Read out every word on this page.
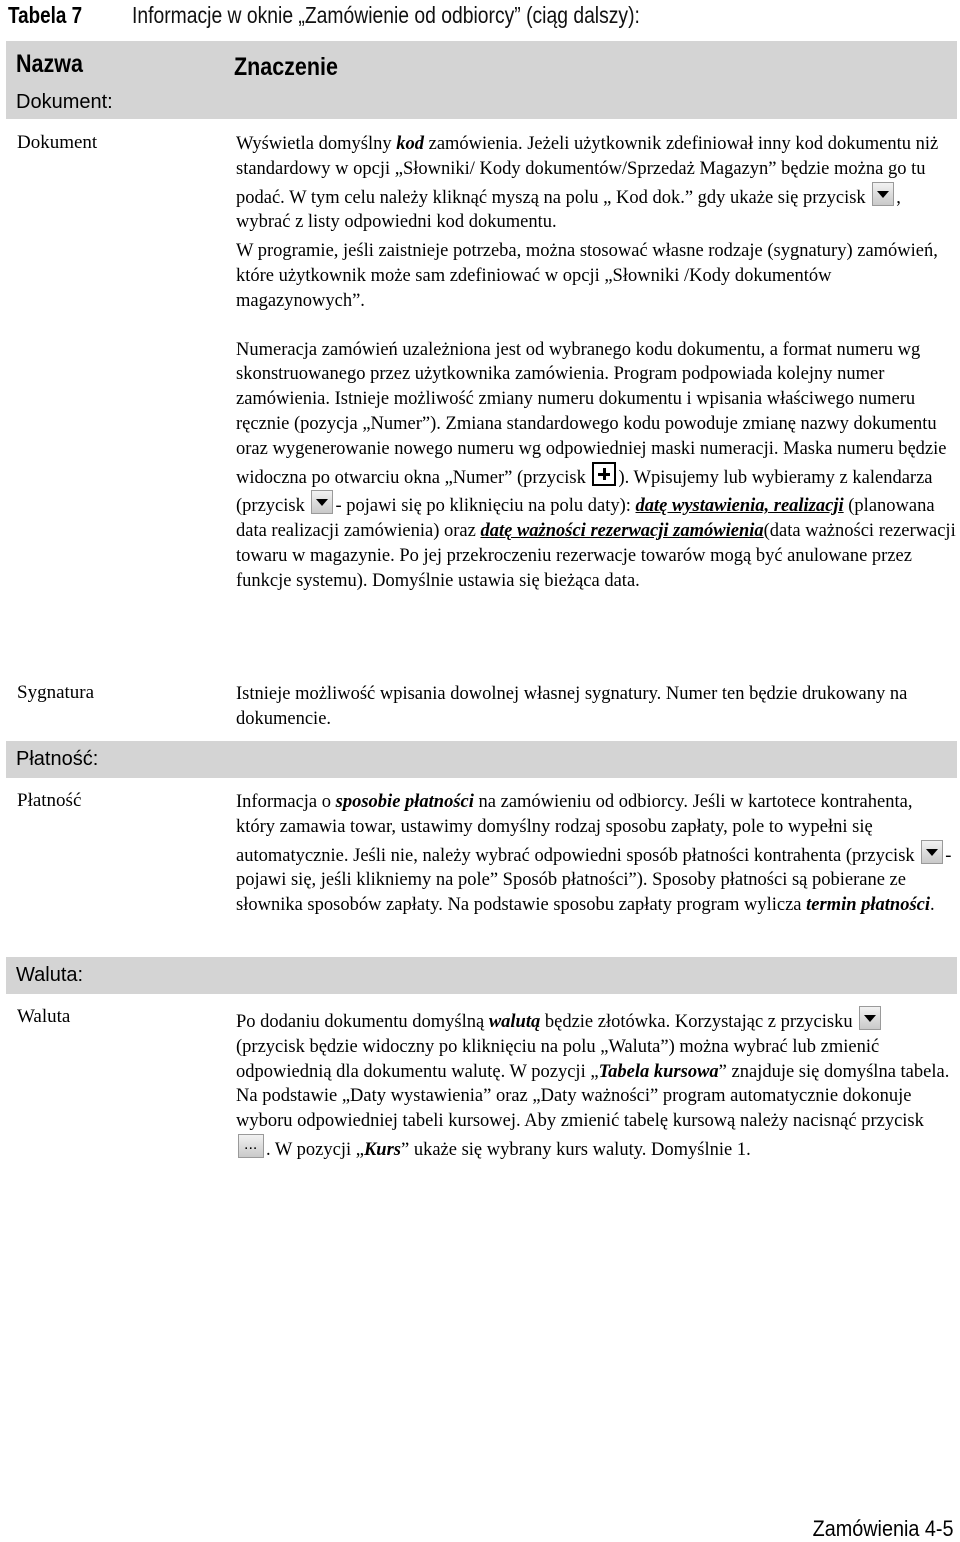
Tabela 7 Informacje w oknie „Zamówienie od odbiorcy” (ciąg dalszy):
Nazwa	Znaczenie
Dokument:
Dokument	Wyświetla domyślny kod zamówienia. Jeżeli użytkownik zdefiniował inny kod dokumentu niż standardowy w opcji „Słowniki/ Kody dokumentów/Sprzedaż Magazyn” będzie można go tu podać. W tym celu należy kliknąć myszą na polu „ Kod dok.” gdy ukaże się przycisk , wybrać z listy odpowiedni kod dokumentu.

W programie, jeśli zaistnieje potrzeba, można stosować własne rodzaje (sygnatury) zamówień, które użytkownik może sam zdefiniować w opcji „Słowniki /Kody dokumentów magazynowych”.

Numeracja zamówień uzależniona jest od wybranego kodu dokumentu, a format numeru wg skonstruowanego przez użytkownika zamówienia. Program podpowiada kolejny numer zamówienia. Istnieje możliwość zmiany numeru dokumentu i wpisania właściwego numeru ręcznie (pozycja „Numer”). Zmiana standardowego kodu powoduje zmianę nazwy dokumentu oraz wygenerowanie nowego numeru wg odpowiedniej maski numeracji. Maska numeru będzie widoczna po otwarciu okna „Numer” (przycisk ). Wpisujemy lub wybieramy z kalendarza (przycisk - pojawi się po kliknięciu na polu daty): datę wystawienia, realizacji (planowana data realizacji zamówienia) oraz datę ważności rezerwacji zamówienia(data ważności rezerwacji towaru w magazynie. Po jej przekroczeniu rezerwacje towarów mogą być anulowane przez funkcje systemu). Domyślnie ustawia się bieżąca data.

Sygnatura	Istnieje możliwość wpisania dowolnej własnej sygnatury. Numer ten będzie drukowany na dokumencie.
Płatność:
Płatność	Informacja o sposobie płatności na zamówieniu od odbiorcy. Jeśli w kartotece kontrahenta, który zamawia towar, ustawimy domyślny rodzaj sposobu zapłaty, pole to wypełni się automatycznie. Jeśli nie, należy wybrać odpowiedni sposób płatności kontrahenta (przycisk - pojawi się, jeśli klikniemy na pole” Sposób płatności”). Sposoby płatności są pobierane ze słownika sposobów zapłaty. Na podstawie sposobu zapłaty program wylicza termin płatności.

Waluta:
Waluta	Po dodaniu dokumentu domyślną walutą będzie złotówka. Korzystając z przycisku  (przycisk będzie widoczny po kliknięciu na polu „Waluta”) można wybrać lub zmienić odpowiednią dla dokumentu walutę. W pozycji „Tabela kursowa” znajduje się domyślna tabela. Na podstawie „Daty wystawienia” oraz „Daty ważności” program automatycznie dokonuje wyboru odpowiedniej tabeli kursowej. Aby zmienić tabelę kursową należy nacisnąć przycisk .... W pozycji „Kurs” ukaże się wybrany kurs waluty. Domyślnie 1.

Zamówienia 4-5
